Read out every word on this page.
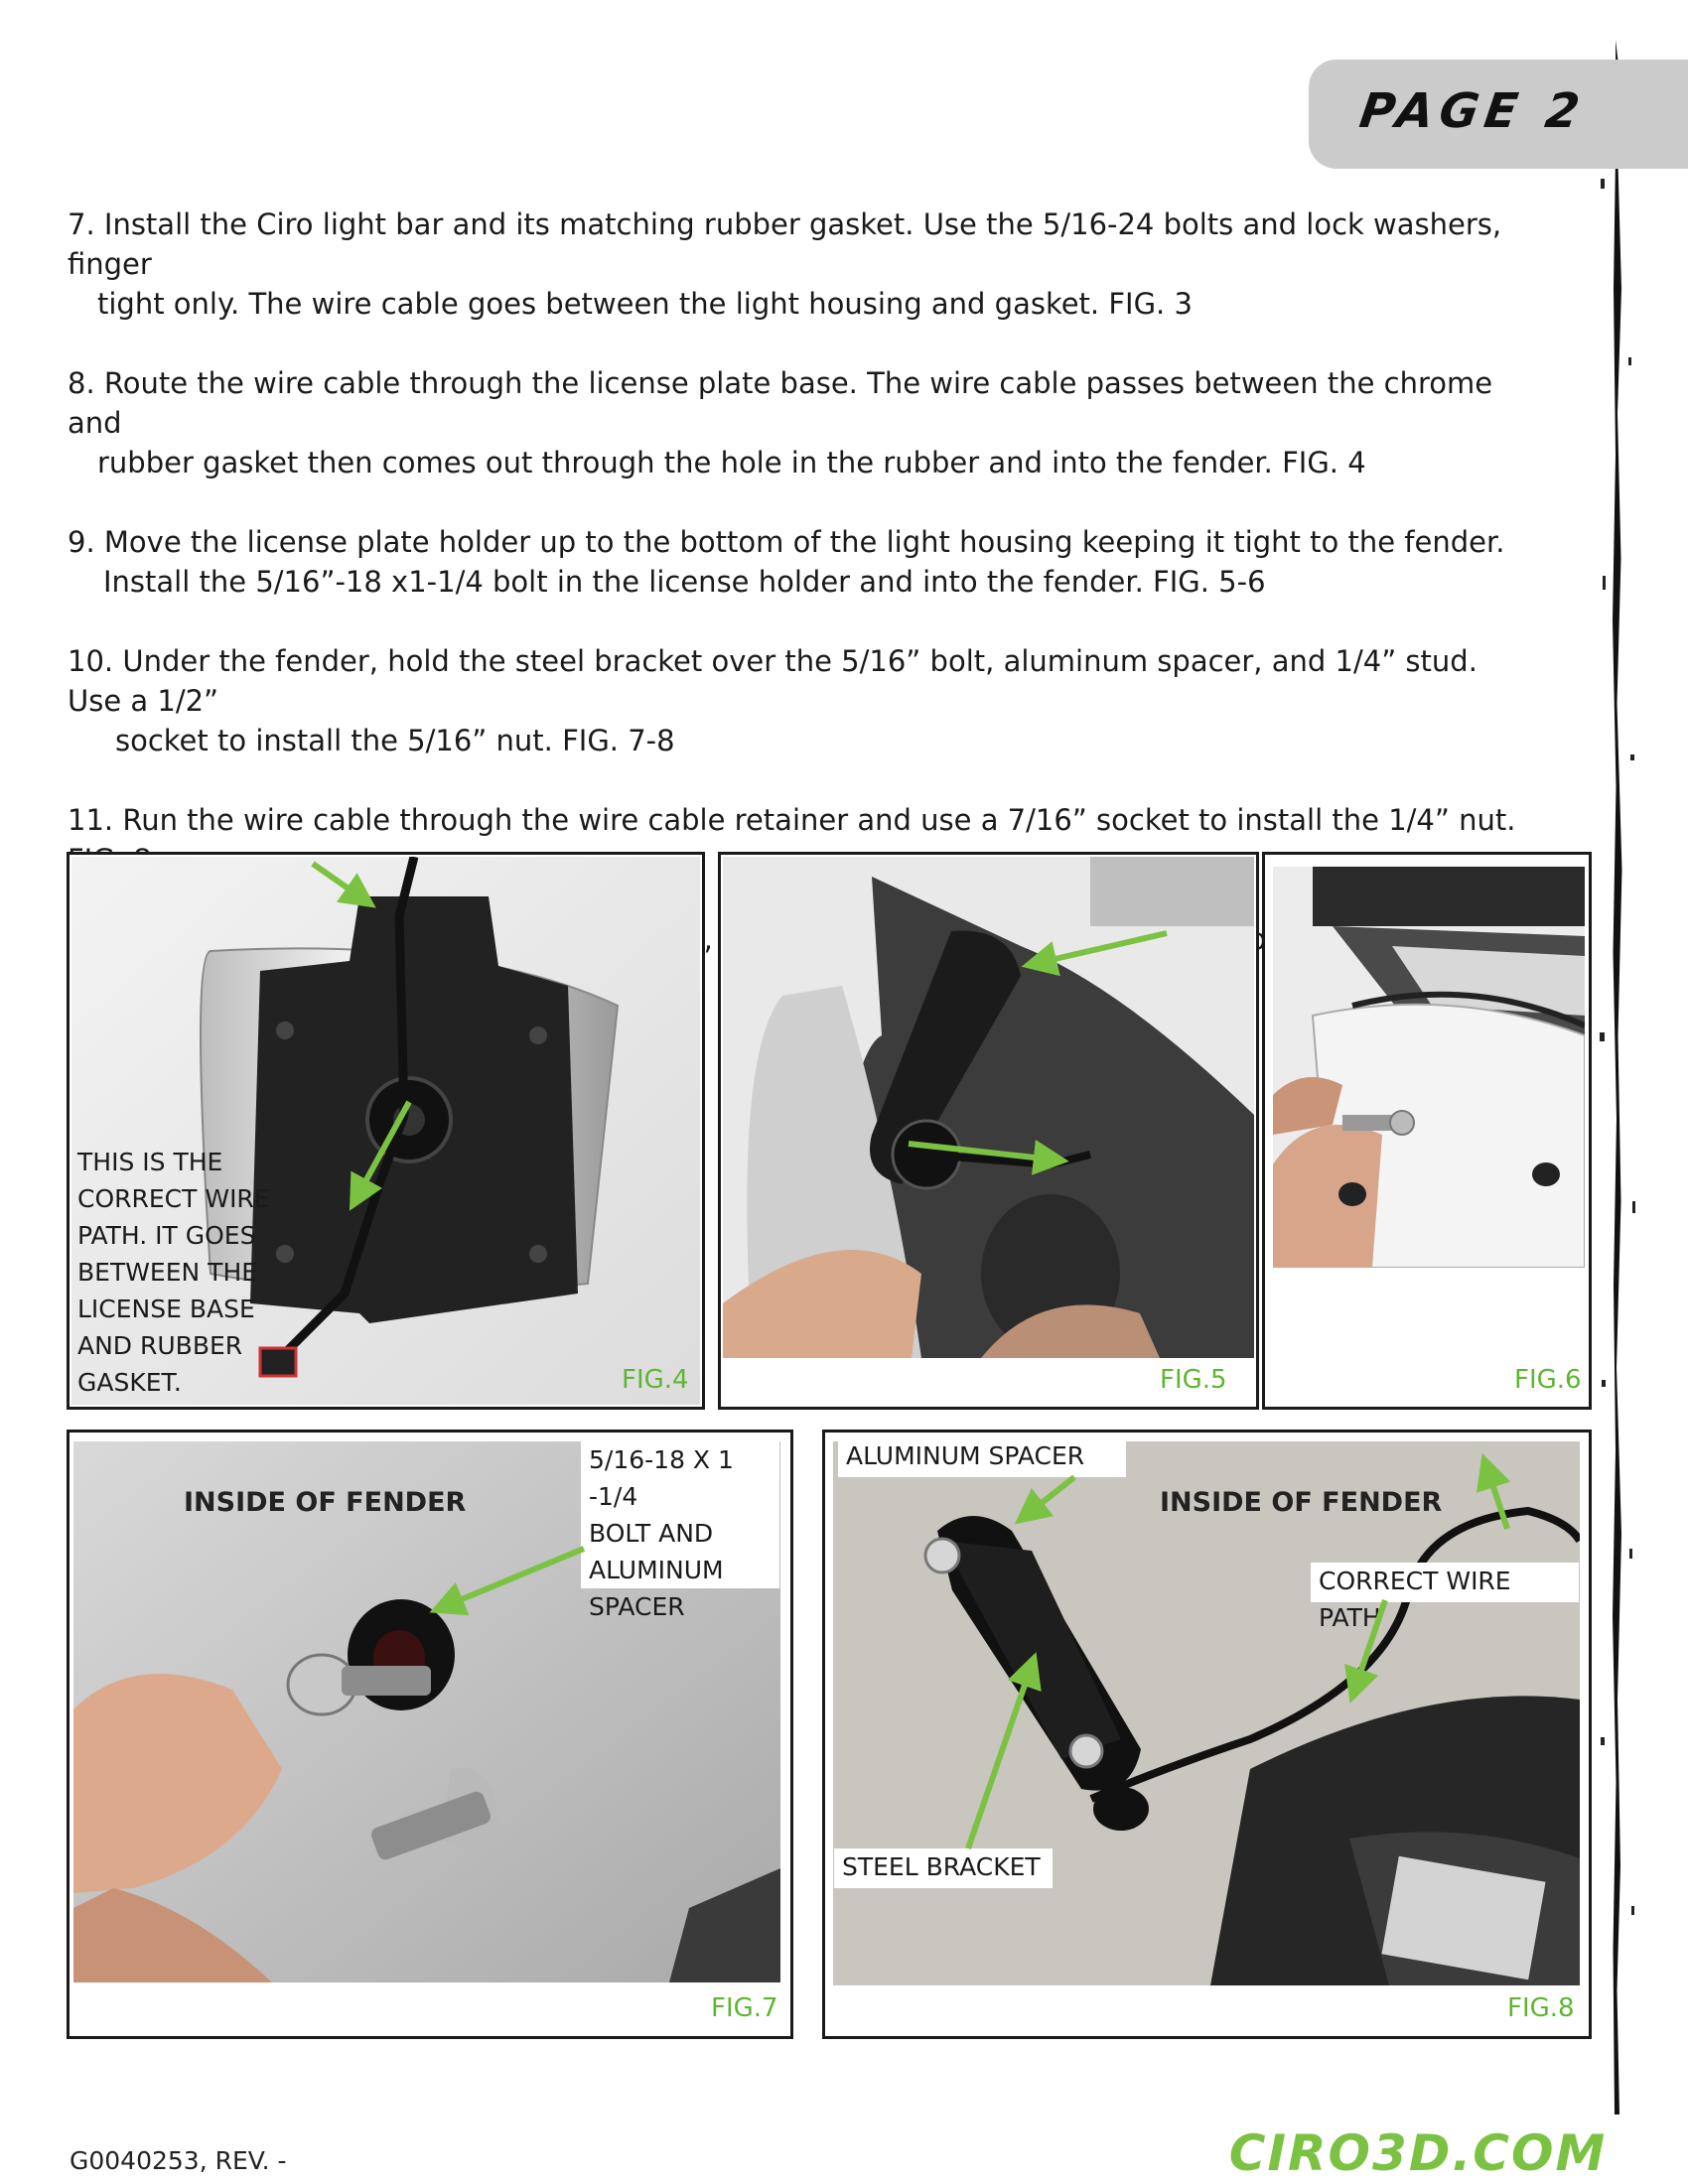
PAGE 2

7. Install the Ciro light bar and its matching rubber gasket. Use the 5/16-24 bolts and lock washers, finger
tight only. The wire cable goes between the light housing and gasket. FIG. 3

8. Route the wire cable through the license plate base. The wire cable passes between the chrome and
rubber gasket then comes out through the hole in the rubber and into the fender. FIG. 4

9. Move the license plate holder up to the bottom of the light housing keeping it tight to the fender.
Install the 5/16”-18 x1-1/4 bolt in the license holder and into the fender. FIG. 5-6

10. Under the fender, hold the steel bracket over the 5/16” bolt, aluminum spacer, and 1/4” stud. Use a 1/2”
socket to install the 5/16” nut. FIG. 7-8

11. Run the wire cable through the wire cable retainer and use a 7/16” socket to install the 1/4” nut.

THIS IS THE
CORRECT WIRE
PATH. IT GOES
BETWEEN THE
LICENSE BASE
AND RUBBER
GASKET.	FIG.4	FIG.5	FIG.6
INSIDE OF FENDER
5/16-18 X 1 -1/4
BOLT AND
ALUMINUM
SPACER
FIG.7
ALUMINUM SPACER
INSIDE OF FENDER
CORRECT WIRE PATH
STEEL BRACKET
FIG.8
G0040253, REV. -	CIRO3D.COM
